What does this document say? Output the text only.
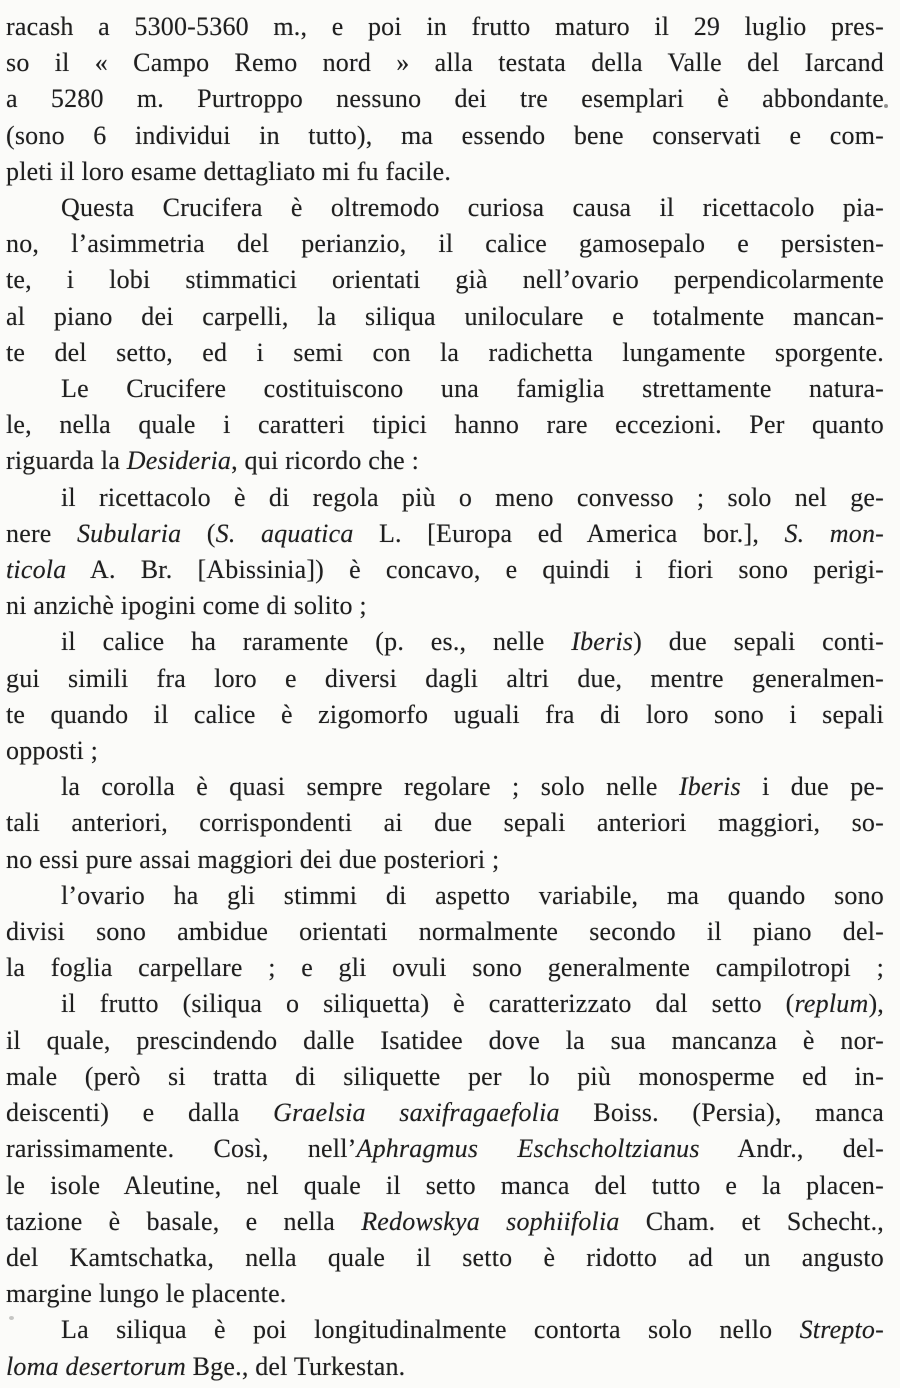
racash a 5300-5360 m., e poi in frutto maturo il 29 luglio pres-
so il « Campo Remo nord » alla testata della Valle del Iarcand
a 5280 m. Purtroppo nessuno dei tre esemplari è abbondante
(sono 6 individui in tutto), ma essendo bene conservati e com-
pleti il loro esame dettagliato mi fu facile.
Questa Crucifera è oltremodo curiosa causa il ricettacolo pia-
no, l’asimmetria del perianzio, il calice gamosepalo e persisten-
te, i lobi stimmatici orientati già nell’ovario perpendicolarmente
al piano dei carpelli, la siliqua uniloculare e totalmente mancan-
te del setto, ed i semi con la radichetta lungamente sporgente.
Le Crucifere costituiscono una famiglia strettamente natura-
le, nella quale i caratteri tipici hanno rare eccezioni. Per quanto
riguarda la Desideria, qui ricordo che :
il ricettacolo è di regola più o meno convesso ; solo nel ge-
nere Subularia (S. aquatica L. [Europa ed America bor.], S. mon-
ticola A. Br. [Abissinia]) è concavo, e quindi i fiori sono perigi-
ni anzichè ipogini come di solito ;
il calice ha raramente (p. es., nelle Iberis) due sepali conti-
gui simili fra loro e diversi dagli altri due, mentre generalmen-
te quando il calice è zigomorfo uguali fra di loro sono i sepali
opposti ;
la corolla è quasi sempre regolare ; solo nelle Iberis i due pe-
tali anteriori, corrispondenti ai due sepali anteriori maggiori, so-
no essi pure assai maggiori dei due posteriori ;
l’ovario ha gli stimmi di aspetto variabile, ma quando sono
divisi sono ambidue orientati normalmente secondo il piano del-
la foglia carpellare ; e gli ovuli sono generalmente campilotropi ;
il frutto (siliqua o siliquetta) è caratterizzato dal setto (replum),
il quale, prescindendo dalle Isatidee dove la sua mancanza è nor-
male (però si tratta di siliquette per lo più monosperme ed in-
deiscenti) e dalla Graelsia saxifragaefolia Boiss. (Persia), manca
rarissimamente. Così, nell’Aphragmus Eschscholtzianus Andr., del-
le isole Aleutine, nel quale il setto manca del tutto e la placen-
tazione è basale, e nella Redowskya sophiifolia Cham. et Schecht.,
del Kamtschatka, nella quale il setto è ridotto ad un angusto
margine lungo le placente.
La siliqua è poi longitudinalmente contorta solo nello Strepto-
loma desertorum Bge., del Turkestan.
